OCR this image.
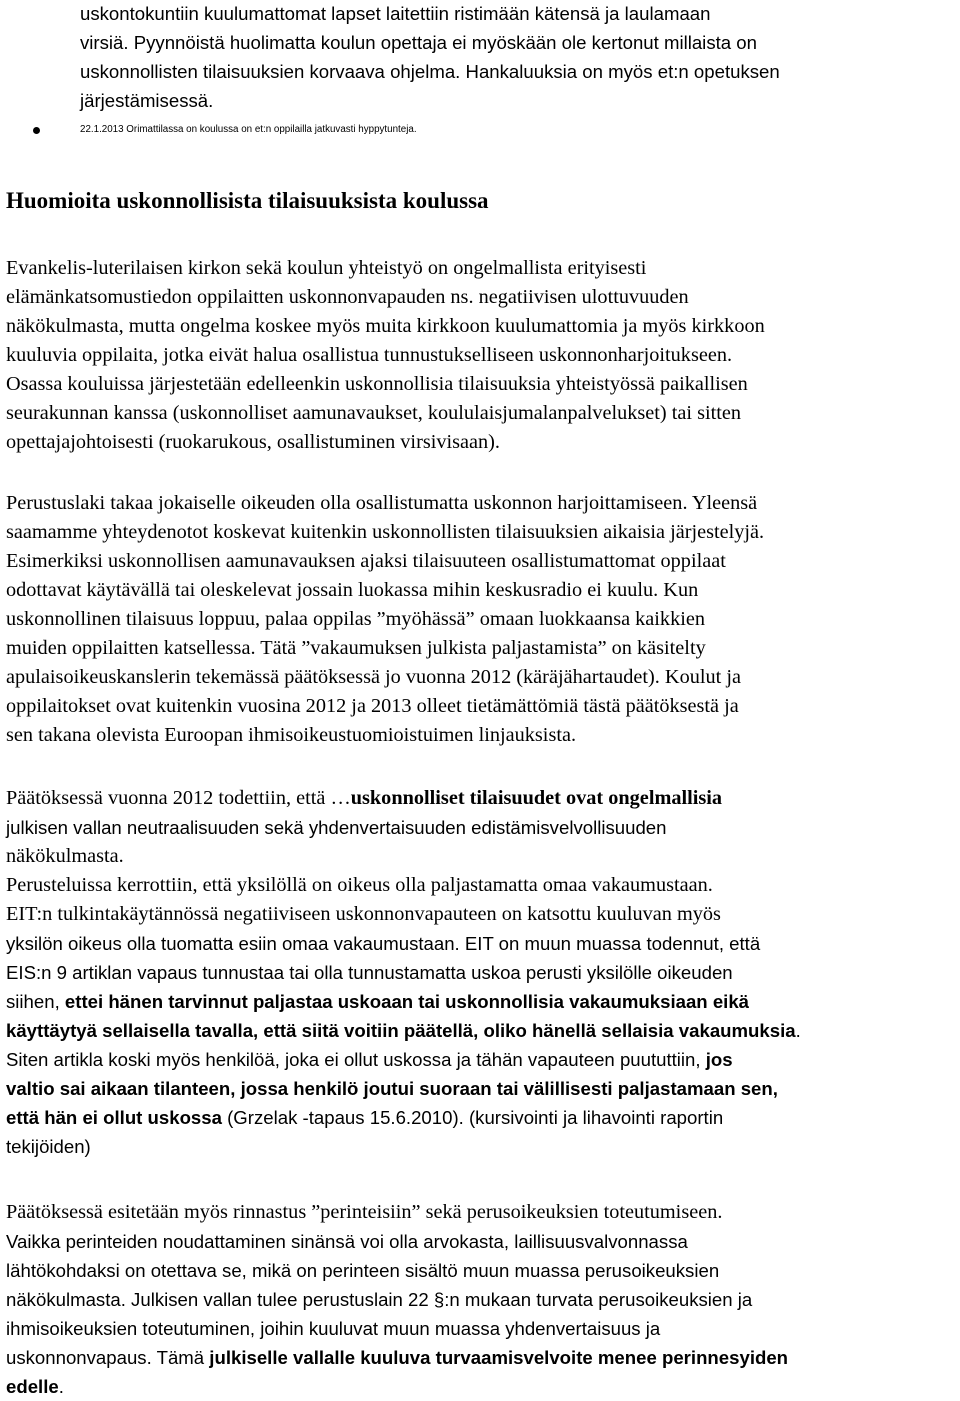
uskontokuntiin kuulumattomat lapset laitettiin ristimään kätensä ja laulamaan
virsiä. Pyynnöistä huolimatta koulun opettaja ei myöskään ole kertonut millaista on
uskonnollisten tilaisuuksien korvaava ohjelma. Hankaluuksia on myös et:n opetuksen
järjestämisessä.
22.1.2013 Orimattilassa on koulussa on et:n oppilailla jatkuvasti hyppytunteja.
Huomioita uskonnollisista tilaisuuksista koulussa
Evankelis-luterilaisen kirkon sekä koulun yhteistyö on ongelmallista erityisesti
elämänkatsomustiedon oppilaitten uskonnonvapauden ns. negatiivisen ulottuvuuden
näkökulmasta, mutta ongelma koskee myös muita kirkkoon kuulumattomia ja myös kirkkoon
kuuluvia oppilaita, jotka eivät halua osallistua tunnustukselliseen uskonnonharjoitukseen.
Osassa kouluissa järjestetään edelleenkin uskonnollisia tilaisuuksia yhteistyössä paikallisen
seurakunnan kanssa (uskonnolliset aamunavaukset, koululaisjumalanpalvelukset) tai sitten
opettajajohtoisesti (ruokarukous, osallistuminen virsivisaan).
Perustuslaki takaa jokaiselle oikeuden olla osallistumatta uskonnon harjoittamiseen. Yleensä
saamamme yhteydenotot koskevat kuitenkin uskonnollisten tilaisuuksien aikaisia järjestelyjä.
Esimerkiksi uskonnollisen aamunavauksen ajaksi tilaisuuteen osallistumattomat oppilaat
odottavat käytävällä tai oleskelevat jossain luokassa mihin keskusradio ei kuulu. Kun
uskonnollinen tilaisuus loppuu, palaa oppilas ”myöhässä” omaan luokkaansa kaikkien
muiden oppilaitten katsellessa. Tätä ”vakaumuksen julkista paljastamista” on käsitelty
apulaisoikeuskanslerin tekemässä päätöksessä jo vuonna 2012 (käräjähartaudet). Koulut ja
oppilaitokset ovat kuitenkin vuosina 2012 ja 2013 olleet tietämättömiä tästä päätöksestä ja
sen takana olevista Euroopan ihmisoikeustuomioistuimen linjauksista.
Päätöksessä vuonna 2012 todettiin, että …uskonnolliset tilaisuudet ovat ongelmallisia
julkisen vallan neutraalisuuden sekä yhdenvertaisuuden edistämisvelvollisuuden
näkökulmasta.
Perusteluissa kerrottiin, että yksilöllä on oikeus olla paljastamatta omaa vakaumustaan.
EIT:n tulkintakäytännössä negatiiviseen uskonnonvapauteen on katsottu kuuluvan myös
yksilön oikeus olla tuomatta esiin omaa vakaumustaan. EIT on muun muassa todennut, että
EIS:n 9 artiklan vapaus tunnustaa tai olla tunnustamatta uskoa perusti yksilölle oikeuden
siihen, ettei hänen tarvinnut paljastaa uskoaan tai uskonnollisia vakaumuksiaan eikä
käyttäytyä sellaisella tavalla, että siitä voitiin päätellä, oliko hänellä sellaisia vakaumuksia.
Siten artikla koski myös henkilöä, joka ei ollut uskossa ja tähän vapauteen puututtiin, jos
valtio sai aikaan tilanteen, jossa henkilö joutui suoraan tai välillisesti paljastamaan sen,
että hän ei ollut uskossa (Grzelak -tapaus 15.6.2010). (kursivointi ja lihavointi raportin
tekijöiden)
Päätöksessä esitetään myös rinnastus ”perinteisiin” sekä perusoikeuksien toteutumiseen.
Vaikka perinteiden noudattaminen sinänsä voi olla arvokasta, laillisuusvalvonnassa
lähtökohdaksi on otettava se, mikä on perinteen sisältö muun muassa perusoikeuksien
näkökulmasta. Julkisen vallan tulee perustuslain 22 §:n mukaan turvata perusoikeuksien ja
ihmisoikeuksien toteutuminen, joihin kuuluvat muun muassa yhdenvertaisuus ja
uskonnonvapaus. Tämä julkiselle vallalle kuuluva turvaamisvelvoite menee perinnesyiden
edelle.
